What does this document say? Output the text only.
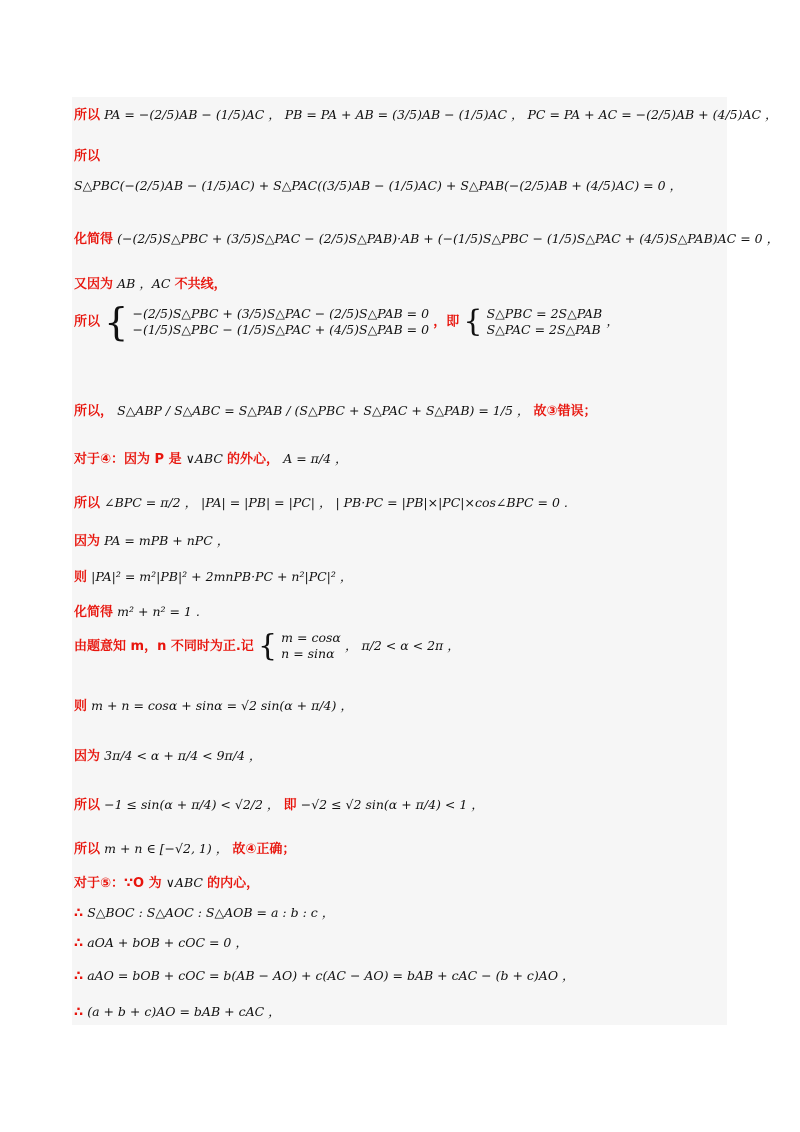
所以 PA = −(2/5)AB − (1/5)AC ， PB = PA + AB = (3/5)AB − (1/5)AC ， PC = PA + AC = −(2/5)AB + (4/5)AC ，
所以
S△PBC(−(2/5)AB − (1/5)AC) + S△PAC((3/5)AB − (1/5)AC) + S△PAB(−(2/5)AB + (4/5)AC) = 0 ，
化简得 (−(2/5)S△PBC + (3/5)S△PAC − (2/5)S△PAB)·AB + (−(1/5)S△PBC − (1/5)S△PAC + (4/5)S△PAB)AC = 0 ，
又因为 AB ，AC 不共线，
所以 { −(2/5)S△PBC + (3/5)S△PAC − (2/5)S△PAB = 0
−(1/5)S△PBC − (1/5)S△PAC + (4/5)S△PAB = 0 ，即 { S△PBC = 2S△PAB
S△PAC = 2S△PAB
，
所以， S△ABP / S△ABC = S△PAB / (S△PBC + S△PAC + S△PAB) = 1/5 ， 故③错误；
对于④：因为 P 是 ∨ABC 的外心， A = π/4 ，
所以 ∠BPC = π/2 ， |PA| = |PB| = |PC| ， | PB·PC = |PB|×|PC|×cos∠BPC = 0 .
因为 PA = mPB + nPC ，
则 |PA|² = m²|PB|² + 2mnPB·PC + n²|PC|² ，
化简得 m² + n² = 1 .
由题意知 m，n 不同时为正.记 { m = cosα
n = sinα
， π/2 < α < 2π ，
则 m + n = cosα + sinα = √2 sin(α + π/4) ，
因为 3π/4 < α + π/4 < 9π/4 ，
所以 −1 ≤ sin(α + π/4) < √2/2 ， 即 −√2 ≤ √2 sin(α + π/4) < 1 ，
所以 m + n ∈ [−√2, 1) ， 故④正确；
对于⑤：∵O 为 ∨ABC 的内心，
∴ S△BOC : S△AOC : S△AOB = a : b : c ，
∴ aOA + bOB + cOC = 0 ，
∴ aAO = bOB + cOC = b(AB − AO) + c(AC − AO) = bAB + cAC − (b + c)AO ，
∴ (a + b + c)AO = bAB + cAC ，
